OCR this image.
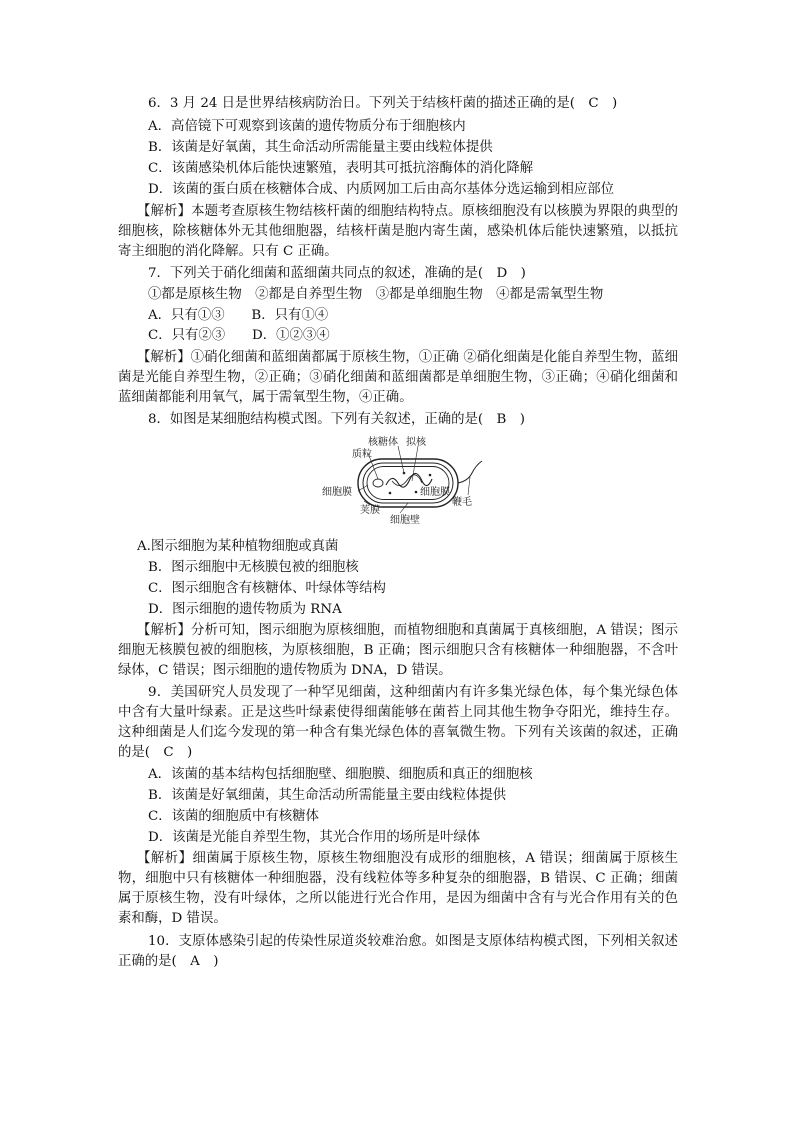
6．3 月 24 日是世界结核病防治日。下列关于结核杆菌的描述正确的是(　C　)
A．高倍镜下可观察到该菌的遗传物质分布于细胞核内
B．该菌是好氧菌，其生命活动所需能量主要由线粒体提供
C．该菌感染机体后能快速繁殖，表明其可抵抗溶酶体的消化降解
D．该菌的蛋白质在核糖体合成、内质网加工后由高尔基体分选运输到相应部位
【解析】本题考查原核生物结核杆菌的细胞结构特点。原核细胞没有以核膜为界限的典型的细胞核，除核糖体外无其他细胞器，结核杆菌是胞内寄生菌，感染机体后能快速繁殖，以抵抗寄主细胞的消化降解。只有 C 正确。
7．下列关于硝化细菌和蓝细菌共同点的叙述，准确的是(　D　)
①都是原核生物　②都是自养型生物　③都是单细胞生物　④都是需氧型生物
A．只有①③　　B．只有①④
C．只有②③　　D．①②③④
【解析】①硝化细菌和蓝细菌都属于原核生物，①正确 ②硝化细菌是化能自养型生物，蓝细菌是光能自养型生物，②正确；③硝化细菌和蓝细菌都是单细胞生物，③正确；④硝化细菌和蓝细菌都能利用氧气，属于需氧型生物，④正确。
8．如图是某细胞结构模式图。下列有关叙述，正确的是(　B　)
核糖体 拟核
质粒
细胞膜	细胞膜
荚膜
细胞壁
鞭毛
A.图示细胞为某种植物细胞或真菌
B．图示细胞中无核膜包被的细胞核
C．图示细胞含有核糖体、叶绿体等结构
D．图示细胞的遗传物质为 RNA
【解析】分析可知，图示细胞为原核细胞，而植物细胞和真菌属于真核细胞，A 错误；图示细胞无核膜包被的细胞核，为原核细胞，B 正确；图示细胞只含有核糖体一种细胞器，不含叶绿体，C 错误；图示细胞的遗传物质为 DNA，D 错误。
9．美国研究人员发现了一种罕见细菌，这种细菌内有许多集光绿色体，每个集光绿色体中含有大量叶绿素。正是这些叶绿素使得细菌能够在菌苔上同其他生物争夺阳光，维持生存。这种细菌是人们迄今发现的第一种含有集光绿色体的喜氧微生物。下列有关该菌的叙述，正确的是(　C　)
A．该菌的基本结构包括细胞壁、细胞膜、细胞质和真正的细胞核
B．该菌是好氧细菌，其生命活动所需能量主要由线粒体提供
C．该菌的细胞质中有核糖体
D．该菌是光能自养型生物，其光合作用的场所是叶绿体
【解析】细菌属于原核生物，原核生物细胞没有成形的细胞核，A 错误；细菌属于原核生物，细胞中只有核糖体一种细胞器，没有线粒体等多种复杂的细胞器，B 错误、C 正确；细菌属于原核生物，没有叶绿体，之所以能进行光合作用，是因为细菌中含有与光合作用有关的色素和酶，D 错误。
10．支原体感染引起的传染性尿道炎较难治愈。如图是支原体结构模式图，下列相关叙述正确的是(　A　)
